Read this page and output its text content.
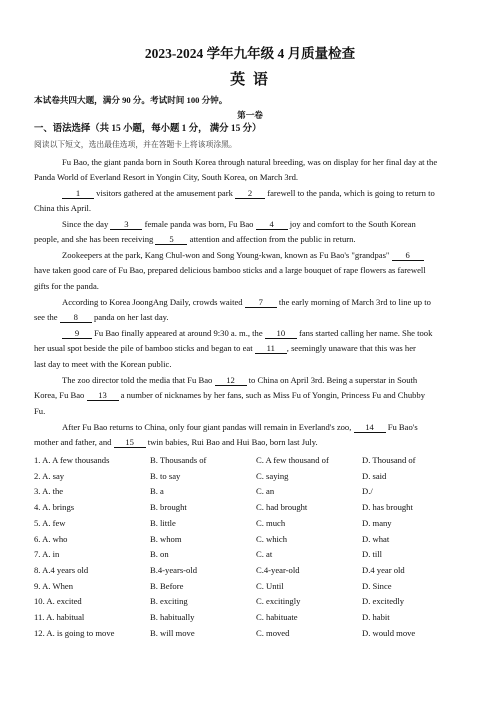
2023-2024 学年九年级 4 月质量检查
英 语
本试卷共四大题，满分 90 分。考试时间 100 分钟。
第一卷
一、语法选择（共 15 小题，每小题 1 分， 满分 15 分）
阅读以下短文，选出最佳选项，并在答题卡上将该项涂黑。
Fu Bao, the giant panda born in South Korea through natural breeding, was on display for her final day at the
Panda World of Everland Resort in Yongin City, South Korea, on March 3rd.
1 visitors gathered at the amusement park 2 farewell to the panda, which is going to return to
China this April.
Since the day 3 female panda was born, Fu Bao 4 joy and comfort to the South Korean
people, and she has been receiving 5 attention and affection from the public in return.
Zookeepers at the park, Kang Chul-won and Song Young-kwan, known as Fu Bao's "grandpas" 6
have taken good care of Fu Bao, prepared delicious bamboo sticks and a large bouquet of rape flowers as farewell
gifts for the panda.
According to Korea JoongAng Daily, crowds waited 7 the early morning of March 3rd to line up to
see the 8 panda on her last day.
9 Fu Bao finally appeared at around 9:30 a. m., the 10 fans started calling her name. She took
her usual spot beside the pile of bamboo sticks and began to eat 11 , seemingly unaware that this was her
last day to meet with the Korean public.
The zoo director told the media that Fu Bao 12 to China on April 3rd. Being a superstar in South
Korea, Fu Bao 13 a number of nicknames by her fans, such as Miss Fu of Yongin, Princess Fu and Chubby
Fu.
After Fu Bao returns to China, only four giant pandas will remain in Everland's zoo, 14 Fu Bao's
mother and father, and 15 twin babies, Rui Bao and Hui Bao, born last July.
1. A. A few thousands	B. Thousands of	C. A few thousand of	D. Thousand of
2. A. say	B. to say	C. saying	D. said
3. A. the	B. a	C. an	D./
4. A. brings	B. brought	C. had brought	D. has brought
5. A. few	B. little	C. much	D. many
6. A. who	B. whom	C. which	D. what
7. A. in	B. on	C. at	D. till
8. A.4 years old	B.4-years-old	C.4-year-old	D.4 year old
9. A. When	B. Before	C. Until	D. Since
10. A. excited	B. exciting	C. excitingly	D. excitedly
11. A. habitual	B. habitually	C. habituate	D. habit
12. A. is going to move	B. will move	C. moved	D. would move
